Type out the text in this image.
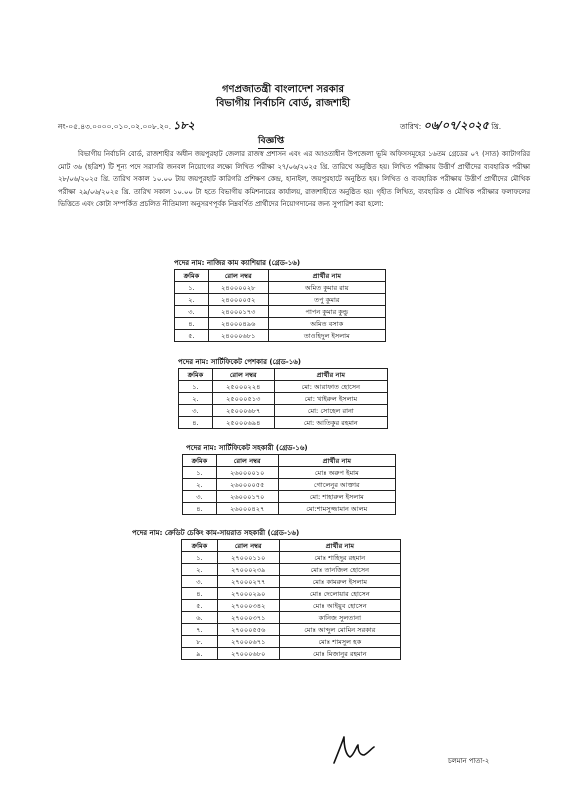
গণপ্রজাতন্ত্রী বাংলাদেশ সরকার
বিভাগীয় নির্বাচনি বোর্ড, রাজশাহী
নং-০৫.৪৩.০০০০.০১০.০২.০০৮.২০. ১৮২	তারিখ: ০৬/০৭/২০২৫ খ্রি.
বিজ্ঞপ্তি
বিভাগীয় নির্বাচনি বোর্ড, রাজশাহীর অধীন জয়পুরহাট জেলার রাজস্ব প্রশাসন এবং এর আওতাধীন উপজেলা ভূমি অফিসসমূহের ১৬তম গ্রেডের ০৭ (সাত) ক্যাটাগরির মোট ৩৬ (ছত্রিশ) টি শূন্য পদে সরাসরি জনবল নিয়োগের লক্ষ্যে লিখিত পরীক্ষা ২৭/০৬/২০২৫ খ্রি. তারিখে অনুষ্ঠিত হয়। লিখিত পরীক্ষায় উত্তীর্ণ প্রার্থীদের ব্যবহারিক পরীক্ষা ২৮/০৬/২০২৫ খ্রি. তারিখ সকাল ১০.০০ টায় জয়পুরহাট কারিগরি প্রশিক্ষণ কেন্দ্র, হানাইল, জয়পুরহাটে অনুষ্ঠিত হয়। লিখিত ও ব্যবহারিক পরীক্ষায় উত্তীর্ণ প্রার্থীদের মৌখিক পরীক্ষা ২৯/০৬/২০২৫ খ্রি. তারিখ সকাল ১০.০০ টা হতে বিভাগীয় কমিশনারের কার্যালয়, রাজশাহীতে অনুষ্ঠিত হয়। গৃহীত লিখিত, ব্যবহারিক ও মৌখিক পরীক্ষার ফলাফলের ভিত্তিতে এবং কোটা সম্পর্কিত প্রচলিত নীতিমালা অনুসরণপূর্বক নিম্নবর্ণিত প্রার্থীদের নিয়োগদানের জন্য সুপারিশ করা হলো:
পদের নাম: নাজির কাম ক্যাশিয়ার (গ্রেড-১৬)
ক্রমিক	রোল নম্বর	প্রার্থীর নাম
১.	২৪০০০০২৮	অমিত কুমার রায়
২.	২৪০০০০৫২	তপু কুমার
৩.	২৪০০০১৭৩	পাপন কুমার কুন্ডু
৪.	২৪০০০৪৯৬	অমিত বসাক
৫.	২৪০০০৬৮১	তাওহিদুল ইসলাম
পদের নাম: সার্টিফিকেট পেশকার (গ্রেড-১৬)
ক্রমিক	রোল নম্বর	প্রার্থীর নাম
১.	২৫০০০২২৪	মো: আরাফাত হোসেন
২.	২৫০০০৫১৩	মো: খাইরুল ইসলাম
৩.	২৫০০০৬৮৭	মো: সোহেল রানা
৪.	২৫০০০৬৯৪	মো: আতিকুর রহমান
পদের নাম: সার্টিফিকেট সহকারী (গ্রেড-১৬)
ক্রমিক	রোল নম্বর	প্রার্থীর নাম
১.	২৬০০০০১০	মোঃ অরুপ ইমাম
২.	২৬০০০০৫৫	গোলেনুর আক্তার
৩.	২৬০০০১৭০	মো: শাহারুল ইসলাম
৪.	২৬০০০৪২৭	মো:শামসুজ্জামান আলম
পদের নাম: ক্রেডিট চেকিং কাম-সায়রাত সহকারী (গ্রেড-১৬)
ক্রমিক	রোল নম্বর	প্রার্থীর নাম
১.	২৭০০০১১০	মোঃ শাহিদুর রহমান
২.	২৭০০০২৩৯	মোঃ তানজিল হোসেন
৩.	২৭০০০২৭৭	মোঃ কামরুল ইসলাম
৪.	২৭০০০২৯০	মোঃ দেলোয়ার হোসেন
৫.	২৭০০০৩৪২	মোঃ আইয়ুব হোসেন
৬.	২৭০০০৩৭১	কানিজ সুলতানা
৭.	২৭০০০৫৫৬	মোঃ আব্দুল মোমিন সরকার
৮.	২৭০০০৬৭১	মোঃ শামসুল হক
৯.	২৭০০০৬৮০	মোঃ মিজানুর রহমান
চলমান পাতা-২
